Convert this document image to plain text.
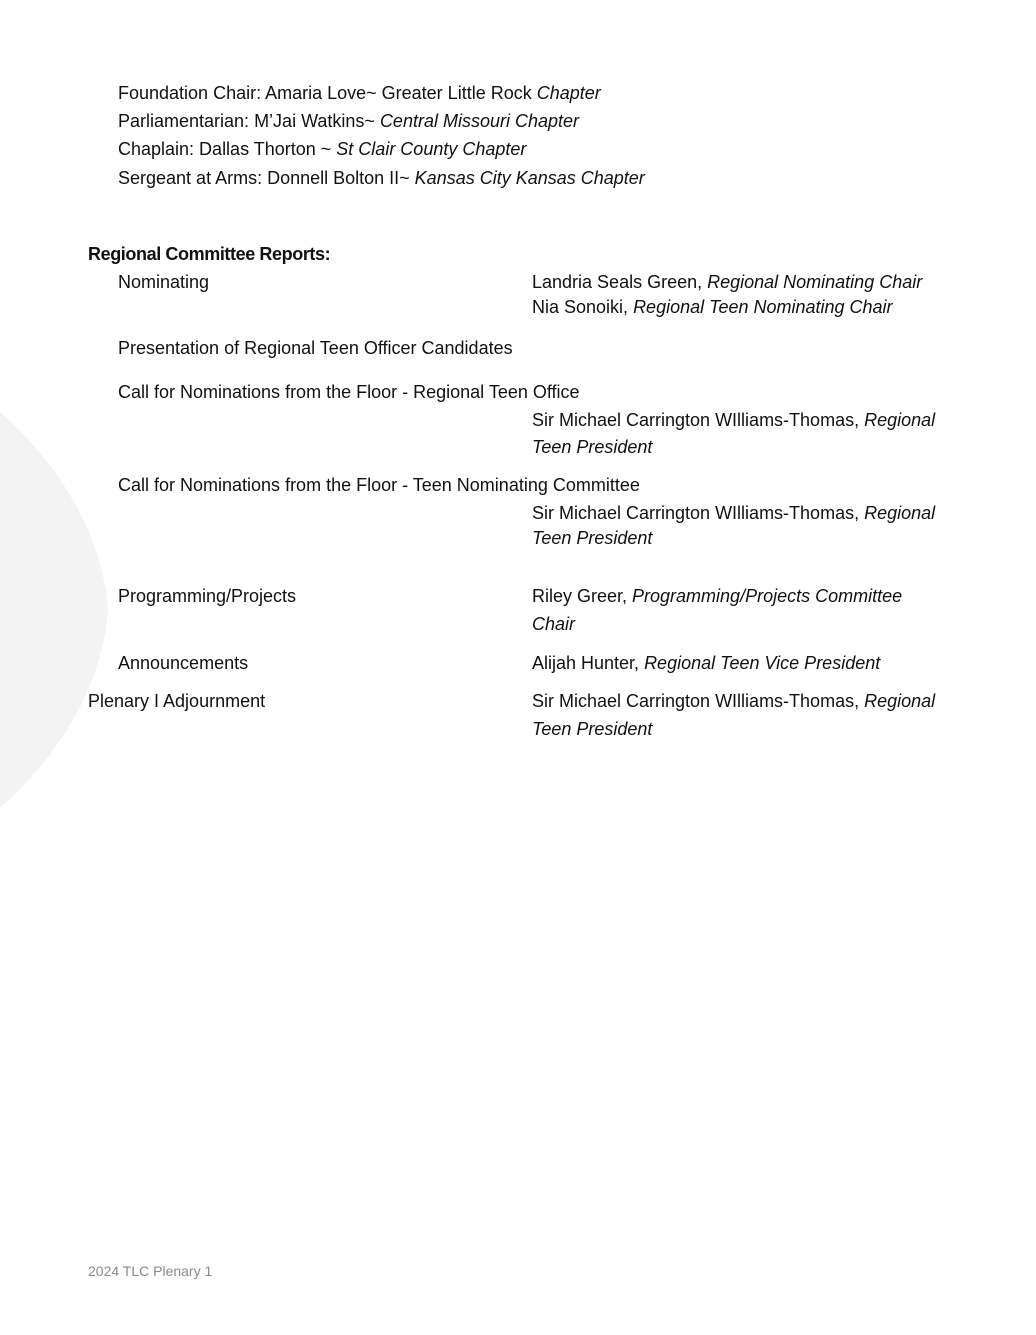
Foundation Chair: Amaria Love~ Greater Little Rock Chapter
Parliamentarian: M’Jai Watkins~ Central Missouri Chapter
Chaplain: Dallas Thorton ~ St Clair County Chapter
Sergeant at Arms: Donnell Bolton II~ Kansas City Kansas Chapter
Regional Committee Reports:
Nominating	Landria Seals Green, Regional Nominating Chair
Nia Sonoiki, Regional Teen Nominating Chair
Presentation of Regional Teen Officer Candidates
Call for Nominations from the Floor - Regional Teen Office
Sir Michael Carrington WIlliams-Thomas, Regional
Teen President
Call for Nominations from the Floor - Teen Nominating Committee
Sir Michael Carrington WIlliams-Thomas, Regional
Teen President
Programming/Projects	Riley Greer, Programming/Projects Committee
Chair
Announcements	Alijah Hunter, Regional Teen Vice President
Plenary I Adjournment	Sir Michael Carrington WIlliams-Thomas, Regional
Teen President
2024 TLC Plenary 1
